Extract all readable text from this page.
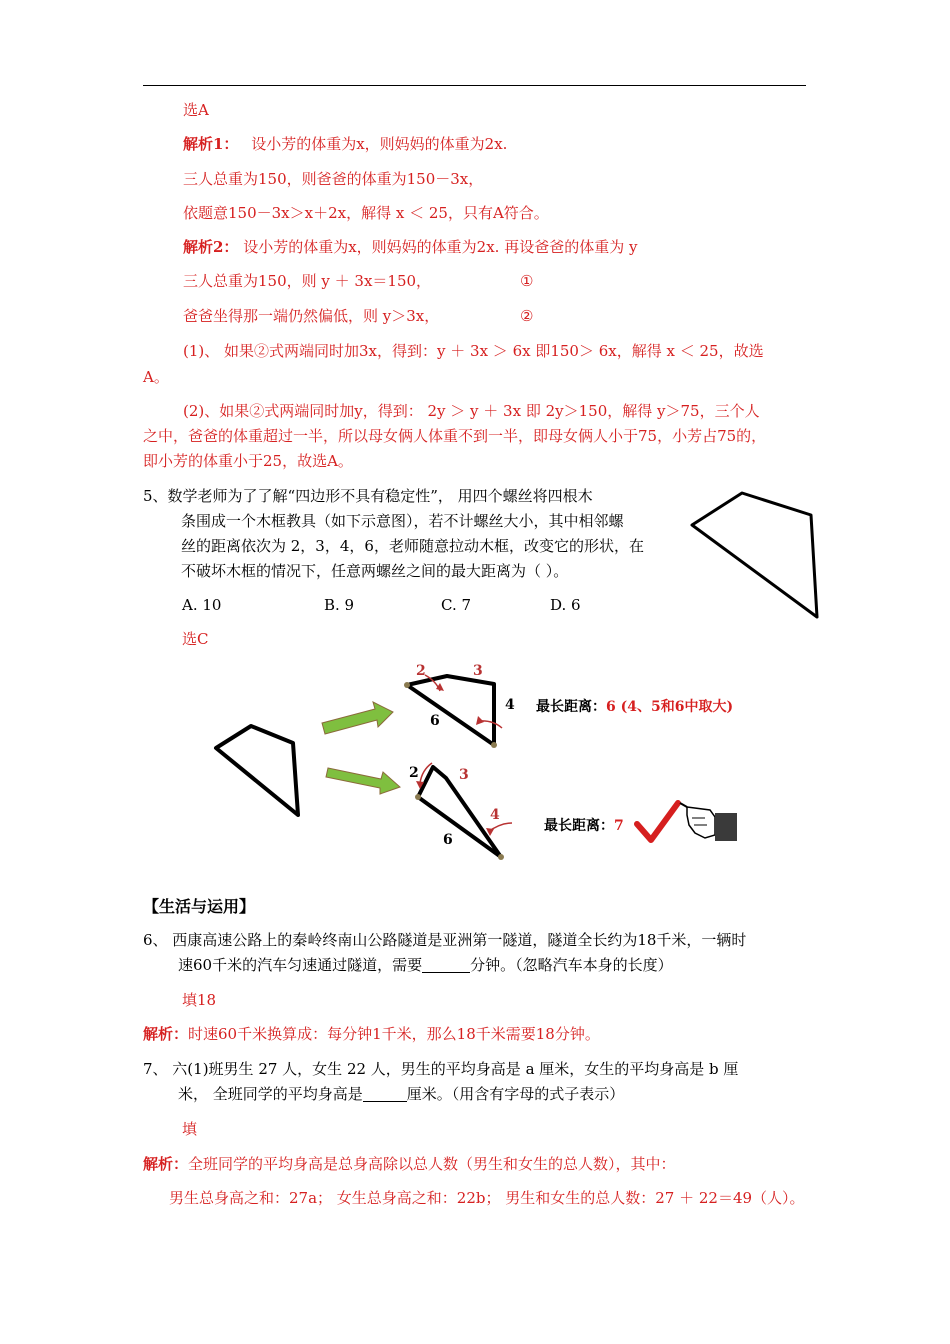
选A
解析1： 设小芳的体重为x，则妈妈的体重为2x.
三人总重为150，则爸爸的体重为150－3x，
依题意150－3x＞x＋2x，解得 x ＜ 25，只有A符合。
解析2： 设小芳的体重为x，则妈妈的体重为2x. 再设爸爸的体重为 y
三人总重为150，则 y ＋ 3x＝150，	①
爸爸坐得那一端仍然偏低，则 y＞3x，	②
(1)、 如果②式两端同时加3x，得到：y ＋ 3x ＞ 6x 即150＞ 6x，解得 x ＜ 25，故选
A。
(2)、如果②式两端同时加y，得到： 2y ＞ y ＋ 3x 即 2y＞150，解得 y＞75，三个人
之中，爸爸的体重超过一半，所以母女俩人体重不到一半，即母女俩人小于75，小芳占75的，
即小芳的体重小于25，故选A。
5、数学老师为了了解“四边形不具有稳定性”， 用四个螺丝将四根木
条围成一个木框教具（如下示意图），若不计螺丝大小，其中相邻螺
丝的距离依次为 2，3，4，6，老师随意拉动木框，改变它的形状，在
不破坏木框的情况下，任意两螺丝之间的最大距离为（ ）。
A. 10	B. 9	C. 7	D. 6
选C
2	3
4
6
2	3
4
6
最长距离：6 (4、5和6中取大)
最长距离：7
【生活与运用】
6、 西康高速公路上的秦岭终南山公路隧道是亚洲第一隧道，隧道全长约为18千米，一辆时
速60千米的汽车匀速通过隧道，需要	分钟。（忽略汽车本身的长度）
填18
解析：时速60千米换算成：每分钟1千米，那么18千米需要18分钟。
7、 六(1)班男生 27 人，女生 22 人，男生的平均身高是 a 厘米，女生的平均身高是 b 厘
米， 全班同学的平均身高是	厘米。（用含有字母的式子表示）
填
解析：全班同学的平均身高是总身高除以总人数（男生和女生的总人数），其中：
男生总身高之和：27a； 女生总身高之和：22b； 男生和女生的总人数：27 ＋ 22＝49（人）。
